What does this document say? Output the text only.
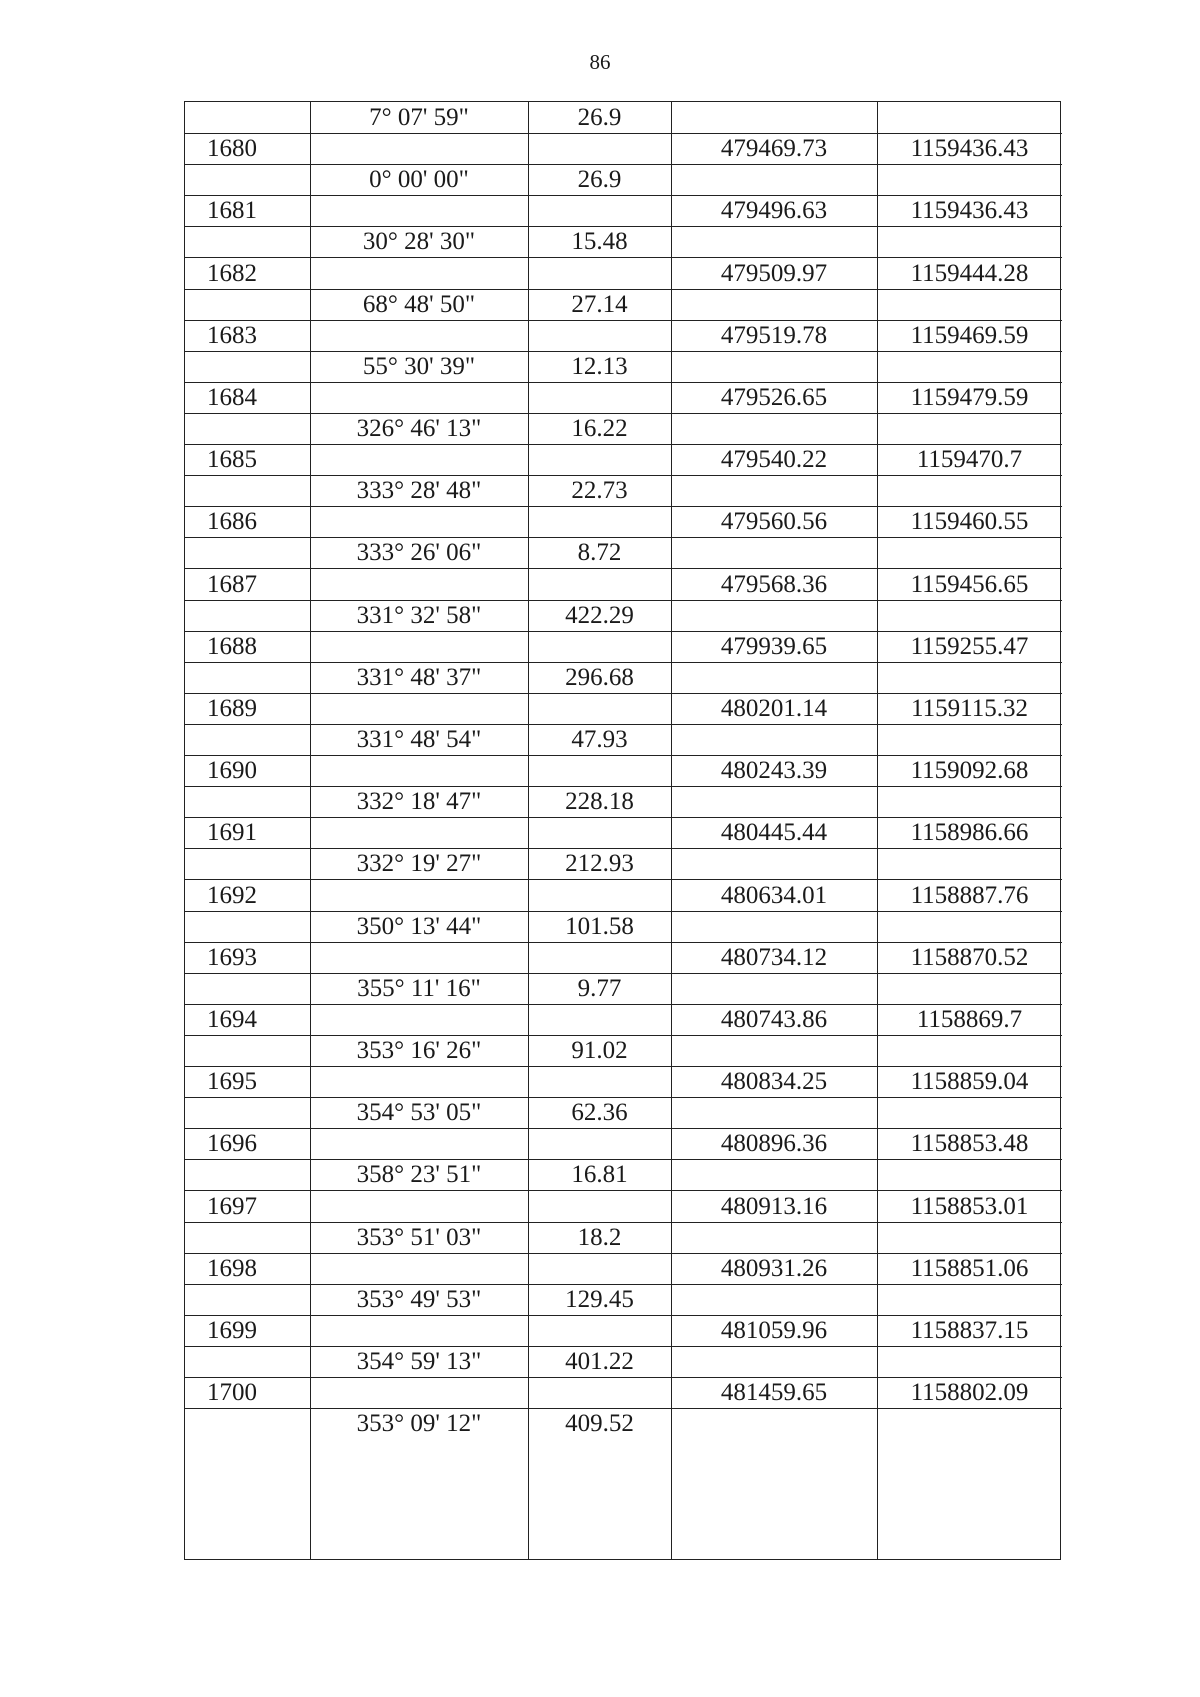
86
7° 07' 59"	26.9
1680	479469.73	1159436.43
0° 00' 00"	26.9
1681	479496.63	1159436.43
30° 28' 30"	15.48
1682	479509.97	1159444.28
68° 48' 50"	27.14
1683	479519.78	1159469.59
55° 30' 39"	12.13
1684	479526.65	1159479.59
326° 46' 13"	16.22
1685	479540.22	1159470.7
333° 28' 48"	22.73
1686	479560.56	1159460.55
333° 26' 06"	8.72
1687	479568.36	1159456.65
331° 32' 58"	422.29
1688	479939.65	1159255.47
331° 48' 37"	296.68
1689	480201.14	1159115.32
331° 48' 54"	47.93
1690	480243.39	1159092.68
332° 18' 47"	228.18
1691	480445.44	1158986.66
332° 19' 27"	212.93
1692	480634.01	1158887.76
350° 13' 44"	101.58
1693	480734.12	1158870.52
355° 11' 16"	9.77
1694	480743.86	1158869.7
353° 16' 26"	91.02
1695	480834.25	1158859.04
354° 53' 05"	62.36
1696	480896.36	1158853.48
358° 23' 51"	16.81
1697	480913.16	1158853.01
353° 51' 03"	18.2
1698	480931.26	1158851.06
353° 49' 53"	129.45
1699	481059.96	1158837.15
354° 59' 13"	401.22
1700	481459.65	1158802.09
353° 09' 12"	409.52
